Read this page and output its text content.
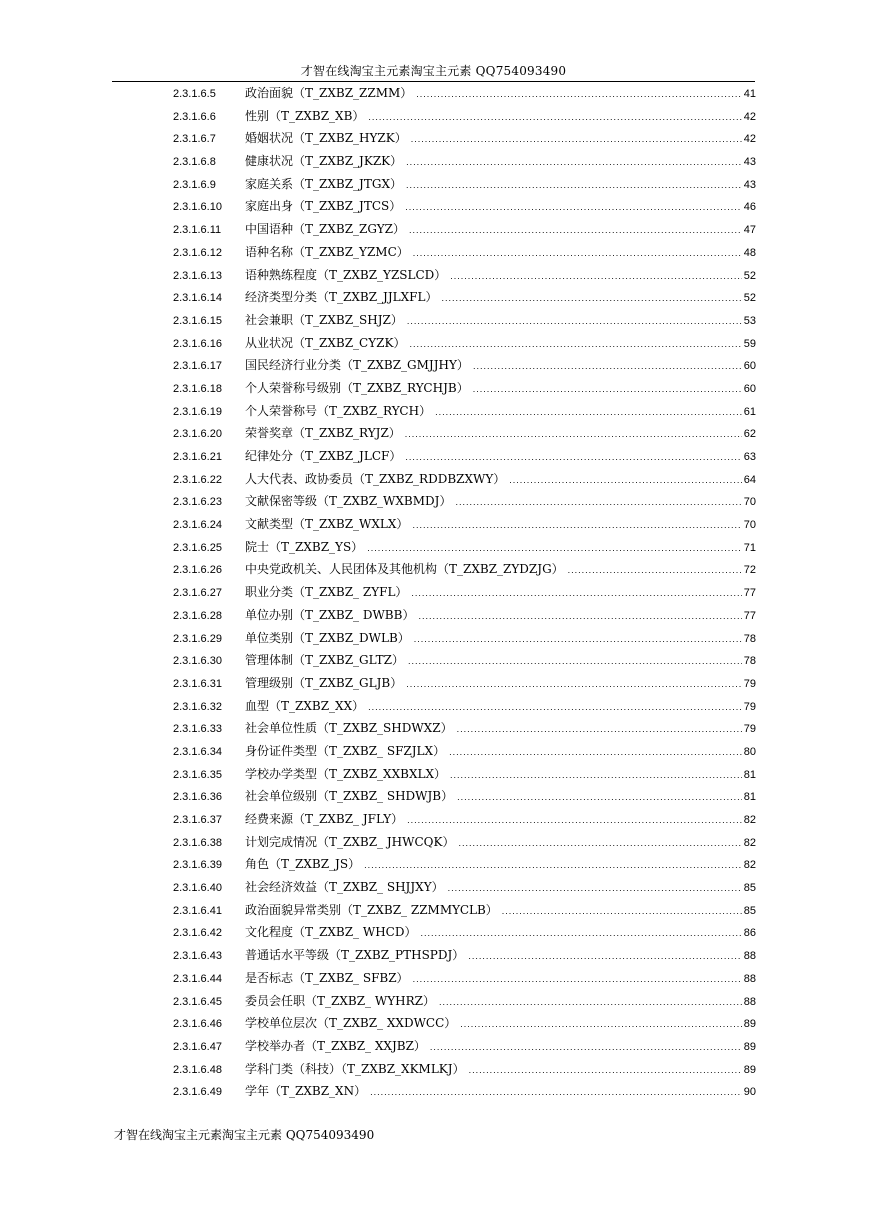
才智在线淘宝主元素淘宝主元素 QQ754093490
2.3.1.6.5	政治面貌（T_ZXBZ_ZZMM） .....	41
2.3.1.6.6	性别（T_ZXBZ_XB） .....	42
2.3.1.6.7	婚姻状况（T_ZXBZ_HYZK） .....	42
2.3.1.6.8	健康状况（T_ZXBZ_JKZK） .....	43
2.3.1.6.9	家庭关系（T_ZXBZ_JTGX） .....	43
2.3.1.6.10	家庭出身（T_ZXBZ_JTCS） .....	46
2.3.1.6.11	中国语种（T_ZXBZ_ZGYZ） .....	47
2.3.1.6.12	语种名称（T_ZXBZ_YZMC） .....	48
2.3.1.6.13	语种熟练程度（T_ZXBZ_YZSLCD） .....	52
2.3.1.6.14	经济类型分类（T_ZXBZ_JJLXFL） .....	52
2.3.1.6.15	社会兼职（T_ZXBZ_SHJZ） .....	53
2.3.1.6.16	从业状况（T_ZXBZ_CYZK） .....	59
2.3.1.6.17	国民经济行业分类（T_ZXBZ_GMJJHY） .....	60
2.3.1.6.18	个人荣誉称号级别（T_ZXBZ_RYCHJB） .....	60
2.3.1.6.19	个人荣誉称号（T_ZXBZ_RYCH） .....	61
2.3.1.6.20	荣誉奖章（T_ZXBZ_RYJZ） .....	62
2.3.1.6.21	纪律处分（T_ZXBZ_JLCF） .....	63
2.3.1.6.22	人大代表、政协委员（T_ZXBZ_RDDBZXWY） .....	64
2.3.1.6.23	文献保密等级（T_ZXBZ_WXBMDJ） .....	70
2.3.1.6.24	文献类型（T_ZXBZ_WXLX） .....	70
2.3.1.6.25	院士（T_ZXBZ_YS） .....	71
2.3.1.6.26	中央党政机关、人民团体及其他机构（T_ZXBZ_ZYDZJG） .....	72
2.3.1.6.27	职业分类（T_ZXBZ_ ZYFL） .....	77
2.3.1.6.28	单位办别（T_ZXBZ_ DWBB） .....	77
2.3.1.6.29	单位类别（T_ZXBZ_DWLB） .....	78
2.3.1.6.30	管理体制（T_ZXBZ_GLTZ） .....	78
2.3.1.6.31	管理级别（T_ZXBZ_GLJB） .....	79
2.3.1.6.32	血型（T_ZXBZ_XX） .....	79
2.3.1.6.33	社会单位性质（T_ZXBZ_SHDWXZ） .....	79
2.3.1.6.34	身份证件类型（T_ZXBZ_ SFZJLX） .....	80
2.3.1.6.35	学校办学类型（T_ZXBZ_XXBXLX） .....	81
2.3.1.6.36	社会单位级别（T_ZXBZ_ SHDWJB） .....	81
2.3.1.6.37	经费来源（T_ZXBZ_ JFLY） .....	82
2.3.1.6.38	计划完成情况（T_ZXBZ_ JHWCQK） .....	82
2.3.1.6.39	角色（T_ZXBZ_JS） .....	82
2.3.1.6.40	社会经济效益（T_ZXBZ_ SHJJXY） .....	85
2.3.1.6.41	政治面貌异常类别（T_ZXBZ_ ZZMMYCLB） .....	85
2.3.1.6.42	文化程度（T_ZXBZ_ WHCD） .....	86
2.3.1.6.43	普通话水平等级（T_ZXBZ_PTHSPDJ） .....	88
2.3.1.6.44	是否标志（T_ZXBZ_ SFBZ） .....	88
2.3.1.6.45	委员会任职（T_ZXBZ_ WYHRZ） .....	88
2.3.1.6.46	学校单位层次（T_ZXBZ_ XXDWCC） .....	89
2.3.1.6.47	学校举办者（T_ZXBZ_ XXJBZ） .....	89
2.3.1.6.48	学科门类（科技）（T_ZXBZ_XKMLKJ） .....	89
2.3.1.6.49	学年（T_ZXBZ_XN） .....	90
才智在线淘宝主元素淘宝主元素 QQ754093490
